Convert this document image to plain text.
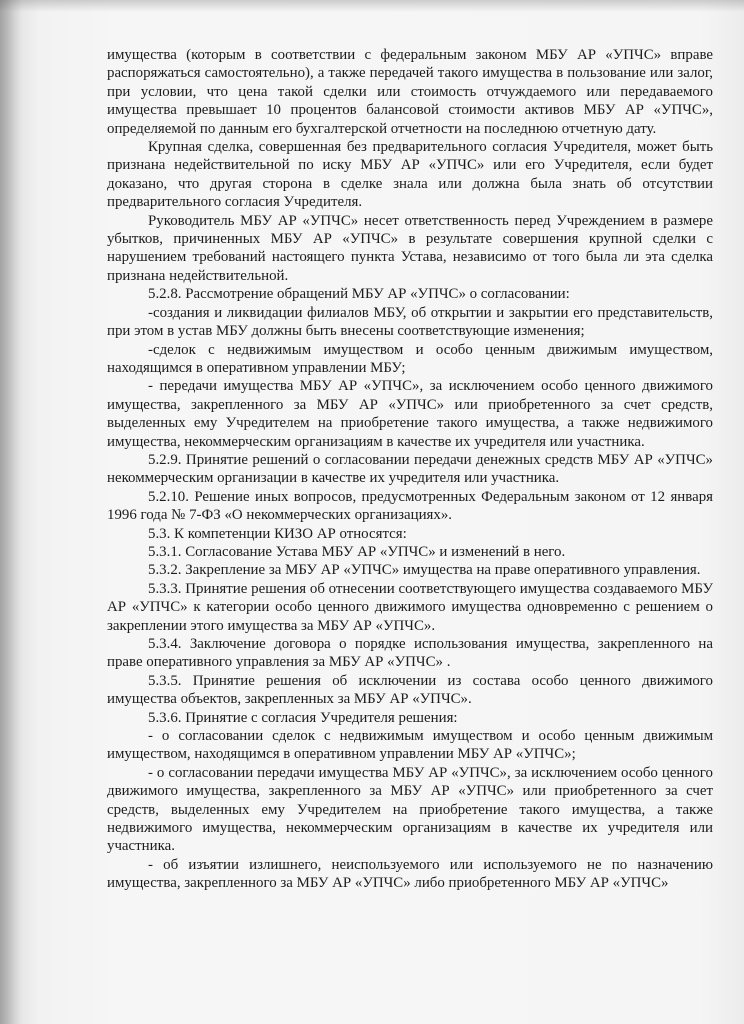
имущества (которым в соответствии с федеральным законом МБУ АР «УПЧС» вправе распоряжаться самостоятельно), а также передачей такого имущества в пользование или залог, при условии, что цена такой сделки или стоимость отчуждаемого или передаваемого имущества превышает 10 процентов балансовой стоимости активов МБУ АР «УПЧС», определяемой по данным его бухгалтерской отчетности на последнюю отчетную дату.

Крупная сделка, совершенная без предварительного согласия Учредителя, может быть признана недействительной по иску МБУ АР «УПЧС» или его Учредителя, если будет доказано, что другая сторона в сделке знала или должна была знать об отсутствии предварительного согласия Учредителя.

Руководитель МБУ АР «УПЧС» несет ответственность перед Учреждением в размере убытков, причиненных МБУ АР «УПЧС» в результате совершения крупной сделки с нарушением требований настоящего пункта Устава, независимо от того была ли эта сделка признана недействительной.

5.2.8. Рассмотрение обращений МБУ АР «УПЧС» о согласовании:

-создания и ликвидации филиалов МБУ, об открытии и закрытии его представительств, при этом в устав МБУ должны быть внесены соответствующие изменения;

-сделок с недвижимым имуществом и особо ценным движимым имуществом, находящимся в оперативном управлении МБУ;

- передачи имущества МБУ АР «УПЧС», за исключением особо ценного движимого имущества, закрепленного за МБУ АР «УПЧС» или приобретенного за счет средств, выделенных ему Учредителем на приобретение такого имущества, а также недвижимого имущества, некоммерческим организациям в качестве их учредителя или участника.

5.2.9. Принятие решений о согласовании передачи денежных средств МБУ АР «УПЧС» некоммерческим организации в качестве их учредителя или участника.

5.2.10. Решение иных вопросов, предусмотренных Федеральным законом от 12 января 1996 года № 7-ФЗ «О некоммерческих организациях».

5.3. К компетенции КИЗО АР относятся:

5.3.1. Согласование Устава МБУ АР «УПЧС» и изменений в него.

5.3.2. Закрепление за МБУ АР «УПЧС» имущества на праве оперативного управления.

5.3.3. Принятие решения об отнесении соответствующего имущества создаваемого МБУ АР «УПЧС» к категории особо ценного движимого имущества одновременно с решением о закреплении этого имущества за МБУ АР «УПЧС».

5.3.4. Заключение договора о порядке использования имущества, закрепленного на праве оперативного управления за МБУ АР «УПЧС» .

5.3.5. Принятие решения об исключении из состава особо ценного движимого имущества объектов, закрепленных за МБУ АР «УПЧС».

5.3.6. Принятие с согласия Учредителя решения:

- о согласовании сделок с недвижимым имуществом и особо ценным движимым имуществом, находящимся в оперативном управлении МБУ АР «УПЧС»;

- о согласовании передачи имущества МБУ АР «УПЧС», за исключением особо ценного движимого имущества, закрепленного за МБУ АР «УПЧС» или приобретенного за счет средств, выделенных ему Учредителем на приобретение такого имущества, а также недвижимого имущества, некоммерческим организациям в качестве их учредителя или участника.

- об изъятии излишнего, неиспользуемого или используемого не по назначению имущества, закрепленного за МБУ АР «УПЧС» либо приобретенного МБУ АР «УПЧС»
